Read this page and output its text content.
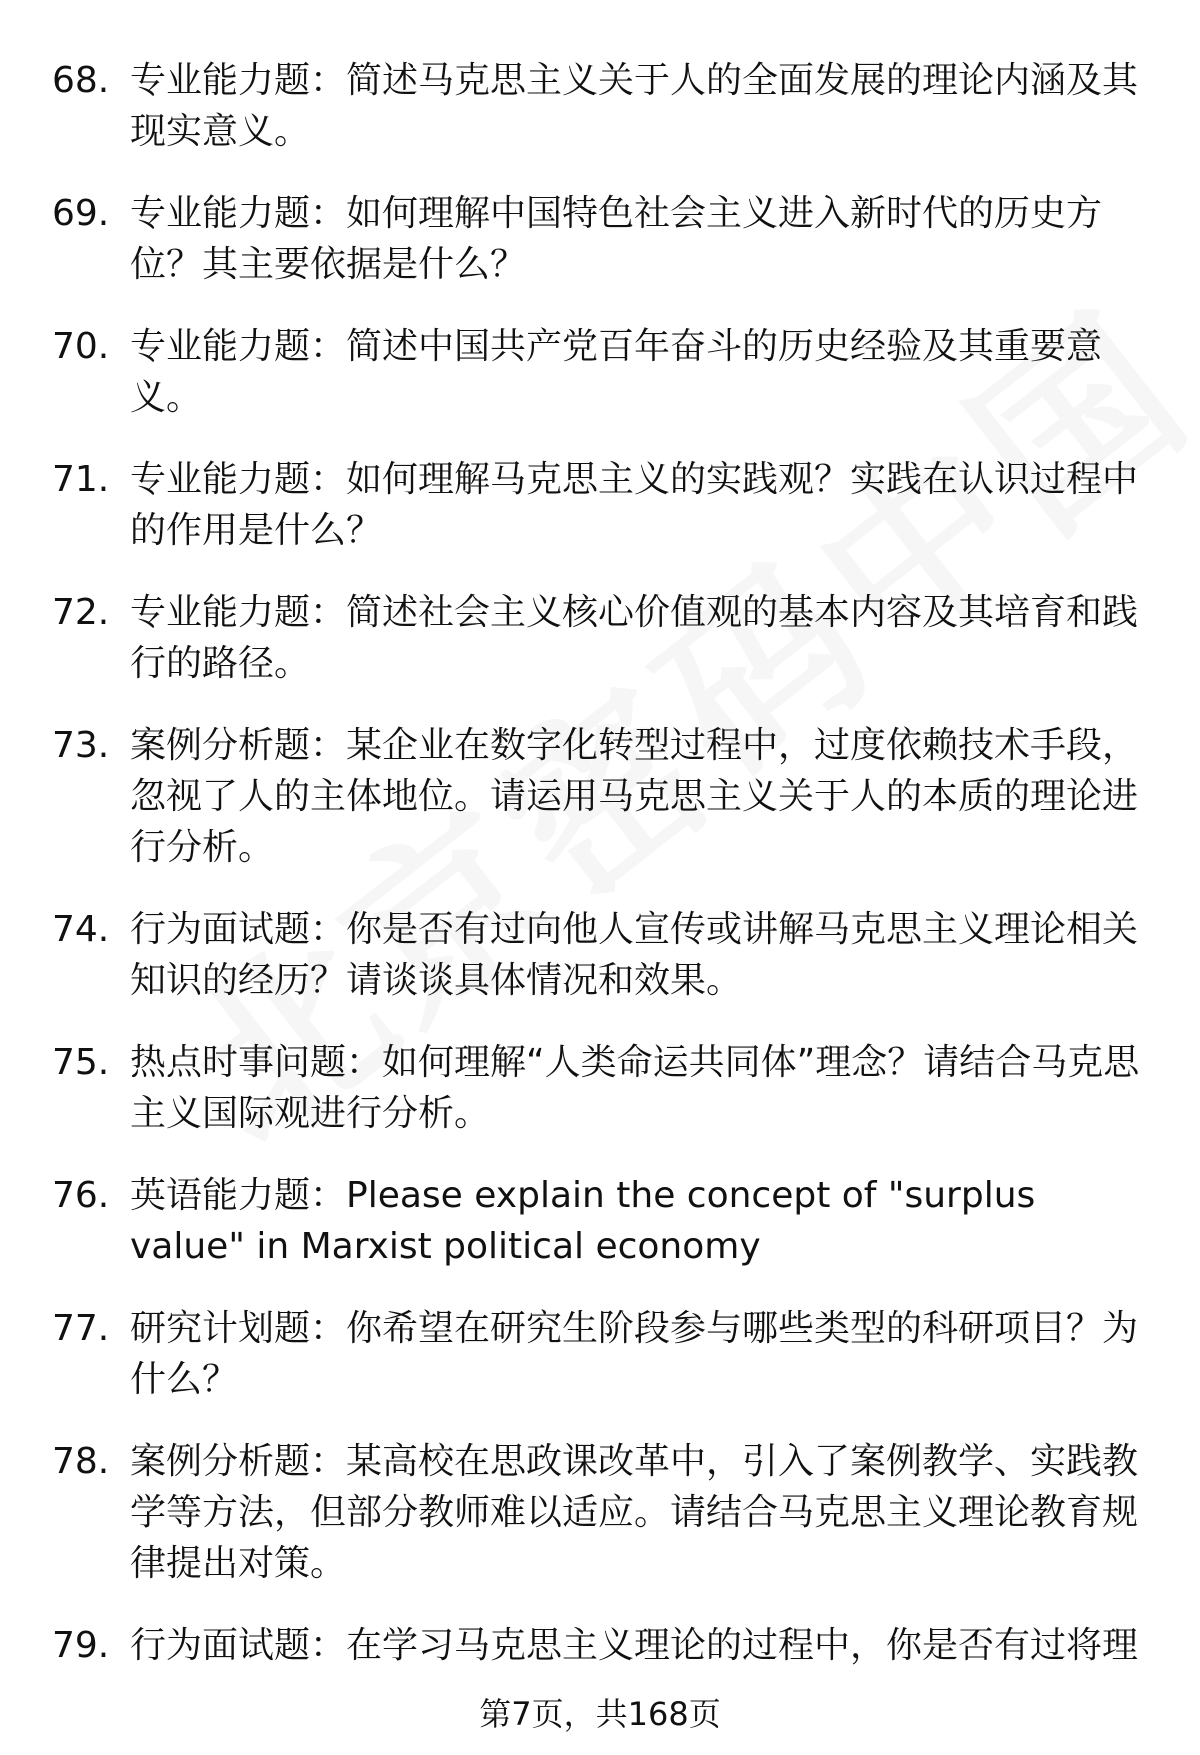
68. 专业能力题：简述马克思主义关于人的全面发展的理论内涵及其现实意义。
69. 专业能力题：如何理解中国特色社会主义进入新时代的历史方位？其主要依据是什么？
70. 专业能力题：简述中国共产党百年奋斗的历史经验及其重要意义。
71. 专业能力题：如何理解马克思主义的实践观？实践在认识过程中的作用是什么？
72. 专业能力题：简述社会主义核心价值观的基本内容及其培育和践行的路径。
73. 案例分析题：某企业在数字化转型过程中，过度依赖技术手段，忽视了人的主体地位。请运用马克思主义关于人的本质的理论进行分析。
74. 行为面试题：你是否有过向他人宣传或讲解马克思主义理论相关知识的经历？请谈谈具体情况和效果。
75. 热点时事问题：如何理解“人类命运共同体”理念？请结合马克思主义国际观进行分析。
76. 英语能力题：Please explain the concept of "surplus value" in Marxist political economy
77. 研究计划题：你希望在研究生阶段参与哪些类型的科研项目？为什么？
78. 案例分析题：某高校在思政课改革中，引入了案例教学、实践教学等方法，但部分教师难以适应。请结合马克思主义理论教育规律提出对策。
79. 行为面试题：在学习马克思主义理论的过程中，你是否有过将理
第7页，共168页
